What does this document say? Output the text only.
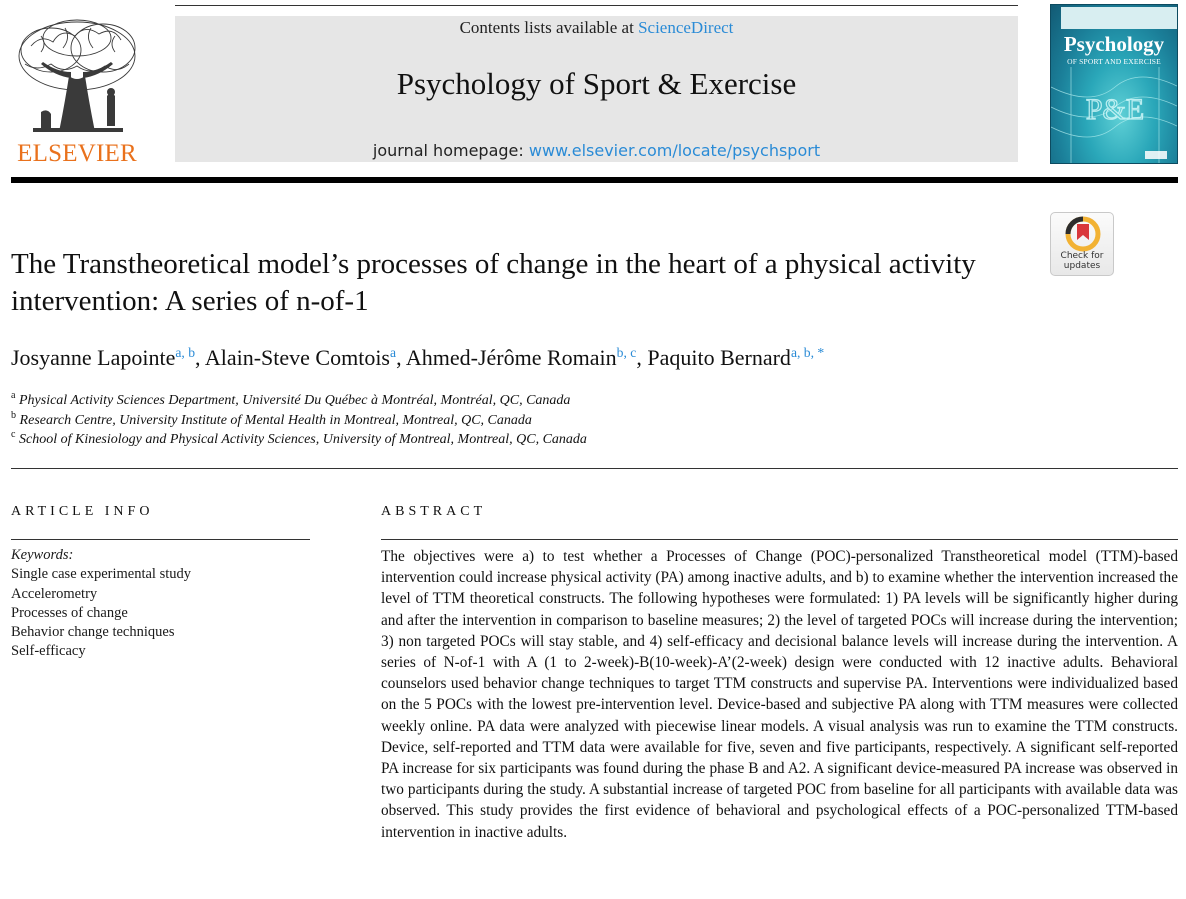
ELSEVIER
Contents lists available at ScienceDirect
Psychology of Sport & Exercise
journal homepage: www.elsevier.com/locate/psychsport
Psychology
OF SPORT AND EXERCISE
P&E
The Transtheoretical model’s processes of change in the heart of a physical activity intervention: A series of n-of-1
Check for
updates
Josyanne Lapointe$^{a, b}$, Alain-Steve Comtois$^a$, Ahmed-Jérôme Romain$^{b, c}$, Paquito Bernard$^{a, b, *}$
$^a$ Physical Activity Sciences Department, Université Du Québec à Montréal, Montréal, QC, Canada
$^b$ Research Centre, University Institute of Mental Health in Montreal, Montreal, QC, Canada
$^c$ School of Kinesiology and Physical Activity Sciences, University of Montreal, Montreal, QC, Canada
ARTICLE INFO
Keywords:
Single case experimental study
Accelerometry
Processes of change
Behavior change techniques
Self-efficacy
ABSTRACT

The objectives were a) to test whether a Processes of Change (POC)-personalized Transtheoretical model (TTM)-based intervention could increase physical activity (PA) among inactive adults, and b) to examine whether the intervention increased the level of TTM theoretical constructs. The following hypotheses were formulated: 1) PA levels will be significantly higher during and after the intervention in comparison to baseline measures; 2) the level of targeted POCs will increase during the intervention; 3) non targeted POCs will stay stable, and 4) self-efficacy and decisional balance levels will increase during the intervention. A series of N-of-1 with A (1 to 2-week)-B(10-week)-A’(2-week) design were conducted with 12 inactive adults. Behavioral counselors used behavior change techniques to target TTM constructs and supervise PA. Interventions were individualized based on the 5 POCs with the lowest pre-intervention level. Device-based and subjective PA along with TTM measures were collected weekly online. PA data were analyzed with piecewise linear models. A visual analysis was run to examine the TTM constructs. Device, self-reported and TTM data were available for five, seven and five participants, respectively. A significant self-reported PA increase for six participants was found during the phase B and A2. A significant device-measured PA increase was observed in two participants during the study. A substantial increase of targeted POC from baseline for all participants with available data was observed. This study provides the first evidence of behavioral and psychological effects of a POC-personalized TTM-based intervention in inactive adults.
